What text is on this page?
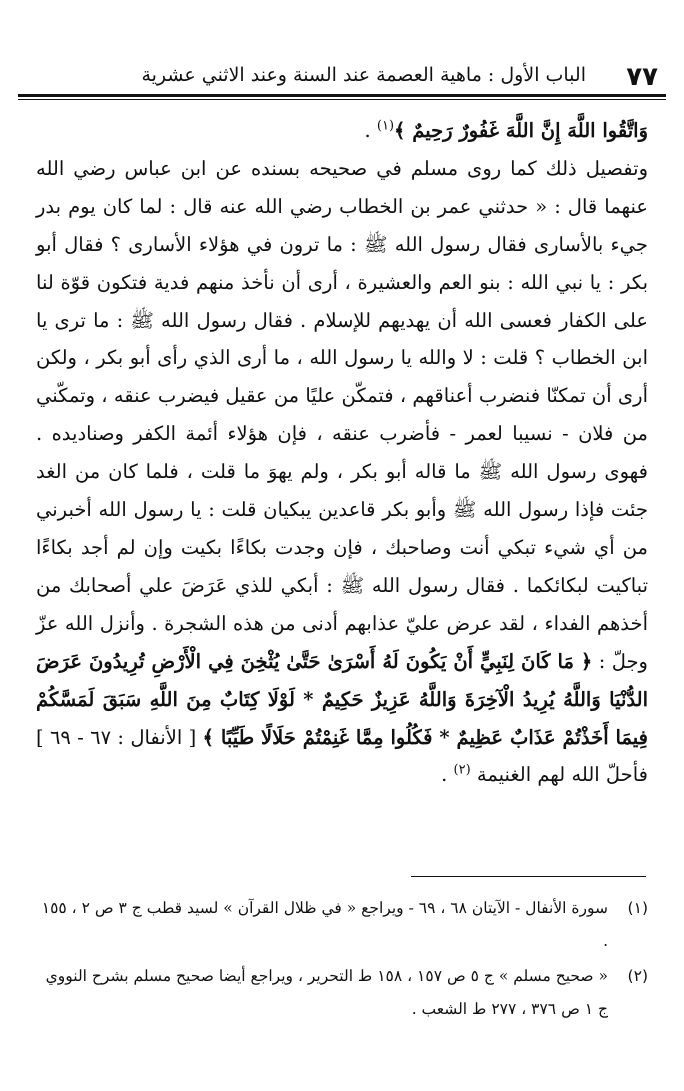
٧٧
الباب الأول : ماهية العصمة عند السنة وعند الاثني عشرية

وَاتَّقُوا اللَّهَ إِنَّ اللَّهَ غَفُورٌ رَحِيمٌ ﴾$^{(١)}$ .

وتفصيل ذلك كما روى مسلم في صحيحه بسنده عن ابن عباس رضي الله عنهما قال : « حدثني عمر بن الخطاب رضي الله عنه قال : لما كان يوم بدر جيء بالأسارى فقال رسول الله ﷺ : ما ترون في هؤلاء الأسارى ؟ فقال أبو بكر : يا نبي الله : بنو العم والعشيرة ، أرى أن نأخذ منهم فدية فتكون قوّة لنا على الكفار فعسى الله أن يهديهم للإسلام . فقال رسول الله ﷺ : ما ترى يا ابن الخطاب ؟ قلت : لا والله يا رسول الله ، ما أرى الذي رأى أبو بكر ، ولكن أرى أن تمكنّا فنضرب أعناقهم ، فتمكّن عليًا من عقيل فيضرب عنقه ، وتمكّني من فلان - نسيبا لعمر - فأضرب عنقه ، فإن هؤلاء أئمة الكفر وصناديده . فهوى رسول الله ﷺ ما قاله أبو بكر ، ولم يهوَ ما قلت ، فلما كان من الغد جئت فإذا رسول الله ﷺ وأبو بكر قاعدين يبكيان قلت : يا رسول الله أخبرني من أي شيء تبكي أنت وصاحبك ، فإن وجدت بكاءًا بكيت وإن لم أجد بكاءًا تباكيت لبكائكما . فقال رسول الله ﷺ : أبكي للذي عَرَضَ علي أصحابك من أخذهم الفداء ، لقد عرض عليّ عذابهم أدنى من هذه الشجرة . وأنزل الله عزّ وجلّ : ﴿ مَا كَانَ لِنَبِيٍّ أَنْ يَكُونَ لَهُ أَسْرَىٰ حَتَّىٰ يُثْخِنَ فِي الْأَرْضِ تُرِيدُونَ عَرَضَ الدُّنْيَا وَاللَّهُ يُرِيدُ الْآخِرَةَ وَاللَّهُ عَزِيزٌ حَكِيمٌ * لَوْلَا كِتَابٌ مِنَ اللَّهِ سَبَقَ لَمَسَّكُمْ فِيمَا أَخَذْتُمْ عَذَابٌ عَظِيمٌ * فَكُلُوا مِمَّا غَنِمْتُمْ حَلَالًا طَيِّبًا ﴾ [ الأنفال : ٦٧ - ٦٩ ] فأحلّ الله لهم الغنيمة $^{(٢)}$ .

(١)
سورة الأنفال - الآيتان ٦٨ ، ٦٩ - ويراجع « في ظلال القرآن » لسيد قطب ج ٣ ص ٢ ، ١٥٥ .
(٢)
« صحيح مسلم » ج ٥ ص ١٥٧ ، ١٥٨ ط التحرير ، ويراجع أيضا صحيح مسلم بشرح النووي ج ١ ص ٣٧٦ ، ٢٧٧ ط الشعب .
